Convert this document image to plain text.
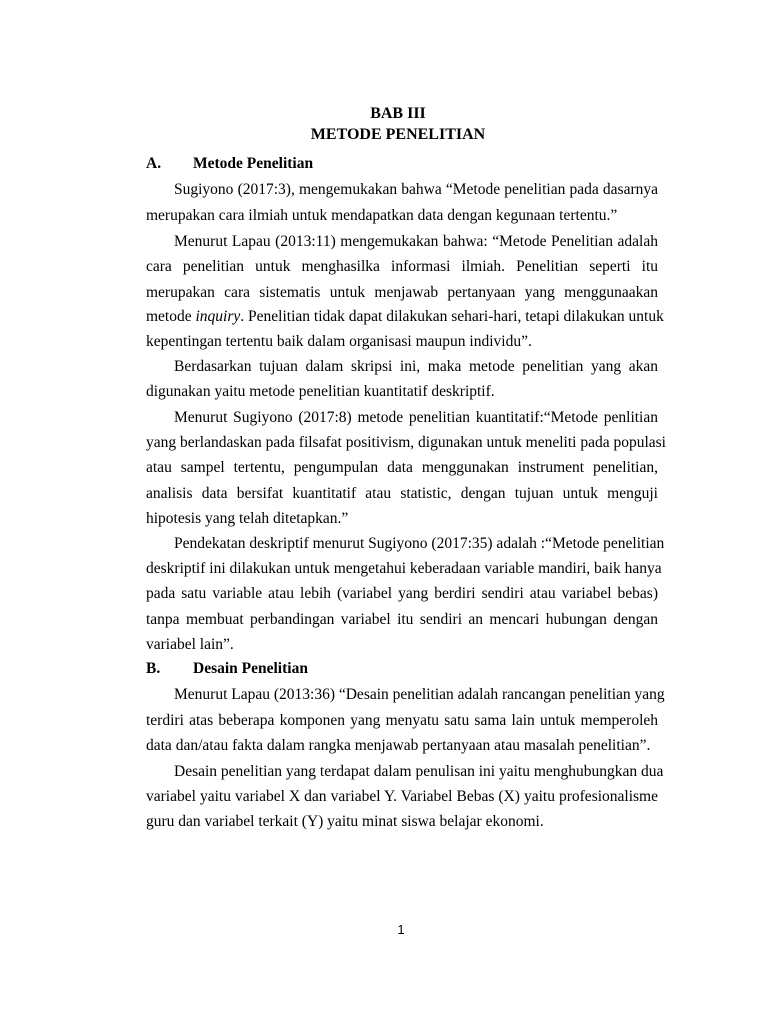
BAB III
METODE PENELITIAN
A. Metode Penelitian
Sugiyono (2017:3), mengemukakan bahwa “Metode penelitian pada dasarnya
merupakan cara ilmiah untuk mendapatkan data dengan kegunaan tertentu.”
Menurut Lapau (2013:11) mengemukakan bahwa: “Metode Penelitian adalah
cara penelitian untuk menghasilka informasi ilmiah. Penelitian seperti itu
merupakan cara sistematis untuk menjawab pertanyaan yang menggunaakan
metode inquiry. Penelitian tidak dapat dilakukan sehari-hari, tetapi dilakukan untuk
kepentingan tertentu baik dalam organisasi maupun individu”.
Berdasarkan tujuan dalam skripsi ini, maka metode penelitian yang akan
digunakan yaitu metode penelitian kuantitatif deskriptif.
Menurut Sugiyono (2017:8) metode penelitian kuantitatif:“Metode penlitian
yang berlandaskan pada filsafat positivism, digunakan untuk meneliti pada populasi
atau sampel tertentu, pengumpulan data menggunakan instrument penelitian,
analisis data bersifat kuantitatif atau statistic, dengan tujuan untuk menguji
hipotesis yang telah ditetapkan.”
Pendekatan deskriptif menurut Sugiyono (2017:35) adalah :“Metode penelitian
deskriptif ini dilakukan untuk mengetahui keberadaan variable mandiri, baik hanya
pada satu variable atau lebih (variabel yang berdiri sendiri atau variabel bebas)
tanpa membuat perbandingan variabel itu sendiri an mencari hubungan dengan
variabel lain”.
B. Desain Penelitian
Menurut Lapau (2013:36) “Desain penelitian adalah rancangan penelitian yang
terdiri atas beberapa komponen yang menyatu satu sama lain untuk memperoleh
data dan/atau fakta dalam rangka menjawab pertanyaan atau masalah penelitian”.
Desain penelitian yang terdapat dalam penulisan ini yaitu menghubungkan dua
variabel yaitu variabel X dan variabel Y. Variabel Bebas (X) yaitu profesionalisme
guru dan variabel terkait (Y) yaitu minat siswa belajar ekonomi.
1
